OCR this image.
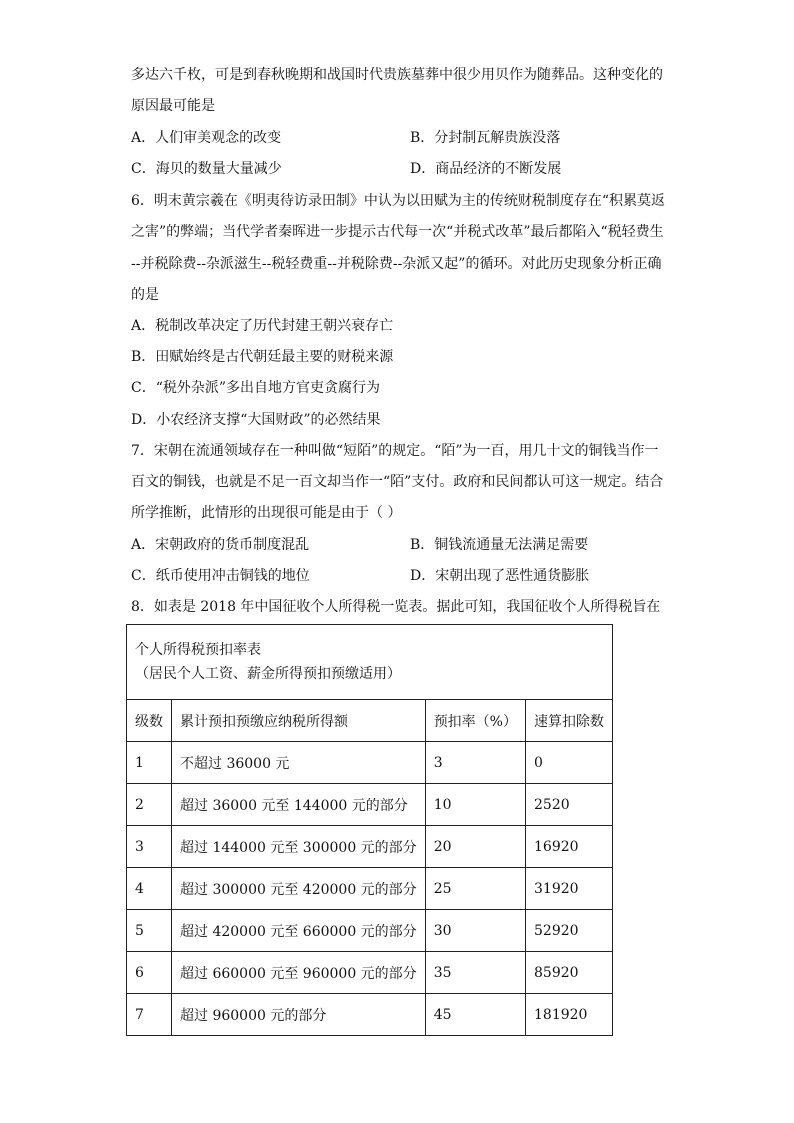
多达六千枚，可是到春秋晚期和战国时代贵族墓葬中很少用贝作为随葬品。这种变化的
原因最可能是
A．人们审美观念的改变	B．分封制瓦解贵族没落
C．海贝的数量大量减少	D．商品经济的不断发展
6．明末黄宗羲在《明夷待访录田制》中认为以田赋为主的传统财税制度存在“积累莫返
之害”的弊端；当代学者秦晖进一步提示古代每一次“并税式改革”最后都陷入“税轻费生
--并税除费--杂派滋生--税轻费重--并税除费--杂派又起”的循环。对此历史现象分析正确
的是
A．税制改革决定了历代封建王朝兴衰存亡
B．田赋始终是古代朝廷最主要的财税来源
C．“税外杂派”多出自地方官吏贪腐行为
D．小农经济支撑“大国财政”的必然结果
7．宋朝在流通领域存在一种叫做“短陌”的规定。“陌”为一百，用几十文的铜钱当作一
百文的铜钱，也就是不足一百文却当作一“陌”支付。政府和民间都认可这一规定。结合
所学推断，此情形的出现很可能是由于（ ）
A．宋朝政府的货币制度混乱	B．铜钱流通量无法满足需要
C．纸币使用冲击铜钱的地位	D．宋朝出现了恶性通货膨胀
8．如表是 2018 年中国征收个人所得税一览表。据此可知，我国征收个人所得税旨在
个人所得税预扣率表
（居民个人工资、薪金所得预扣预缴适用）			

级数	累计预扣预缴应纳税所得额	预扣率（%）	速算扣除数
1	不超过 36000 元	3	0
2	超过 36000 元至 144000 元的部分	10	2520
3	超过 144000 元至 300000 元的部分	20	16920
4	超过 300000 元至 420000 元的部分	25	31920
5	超过 420000 元至 660000 元的部分	30	52920
6	超过 660000 元至 960000 元的部分	35	85920
7	超过 960000 元的部分	45	181920
